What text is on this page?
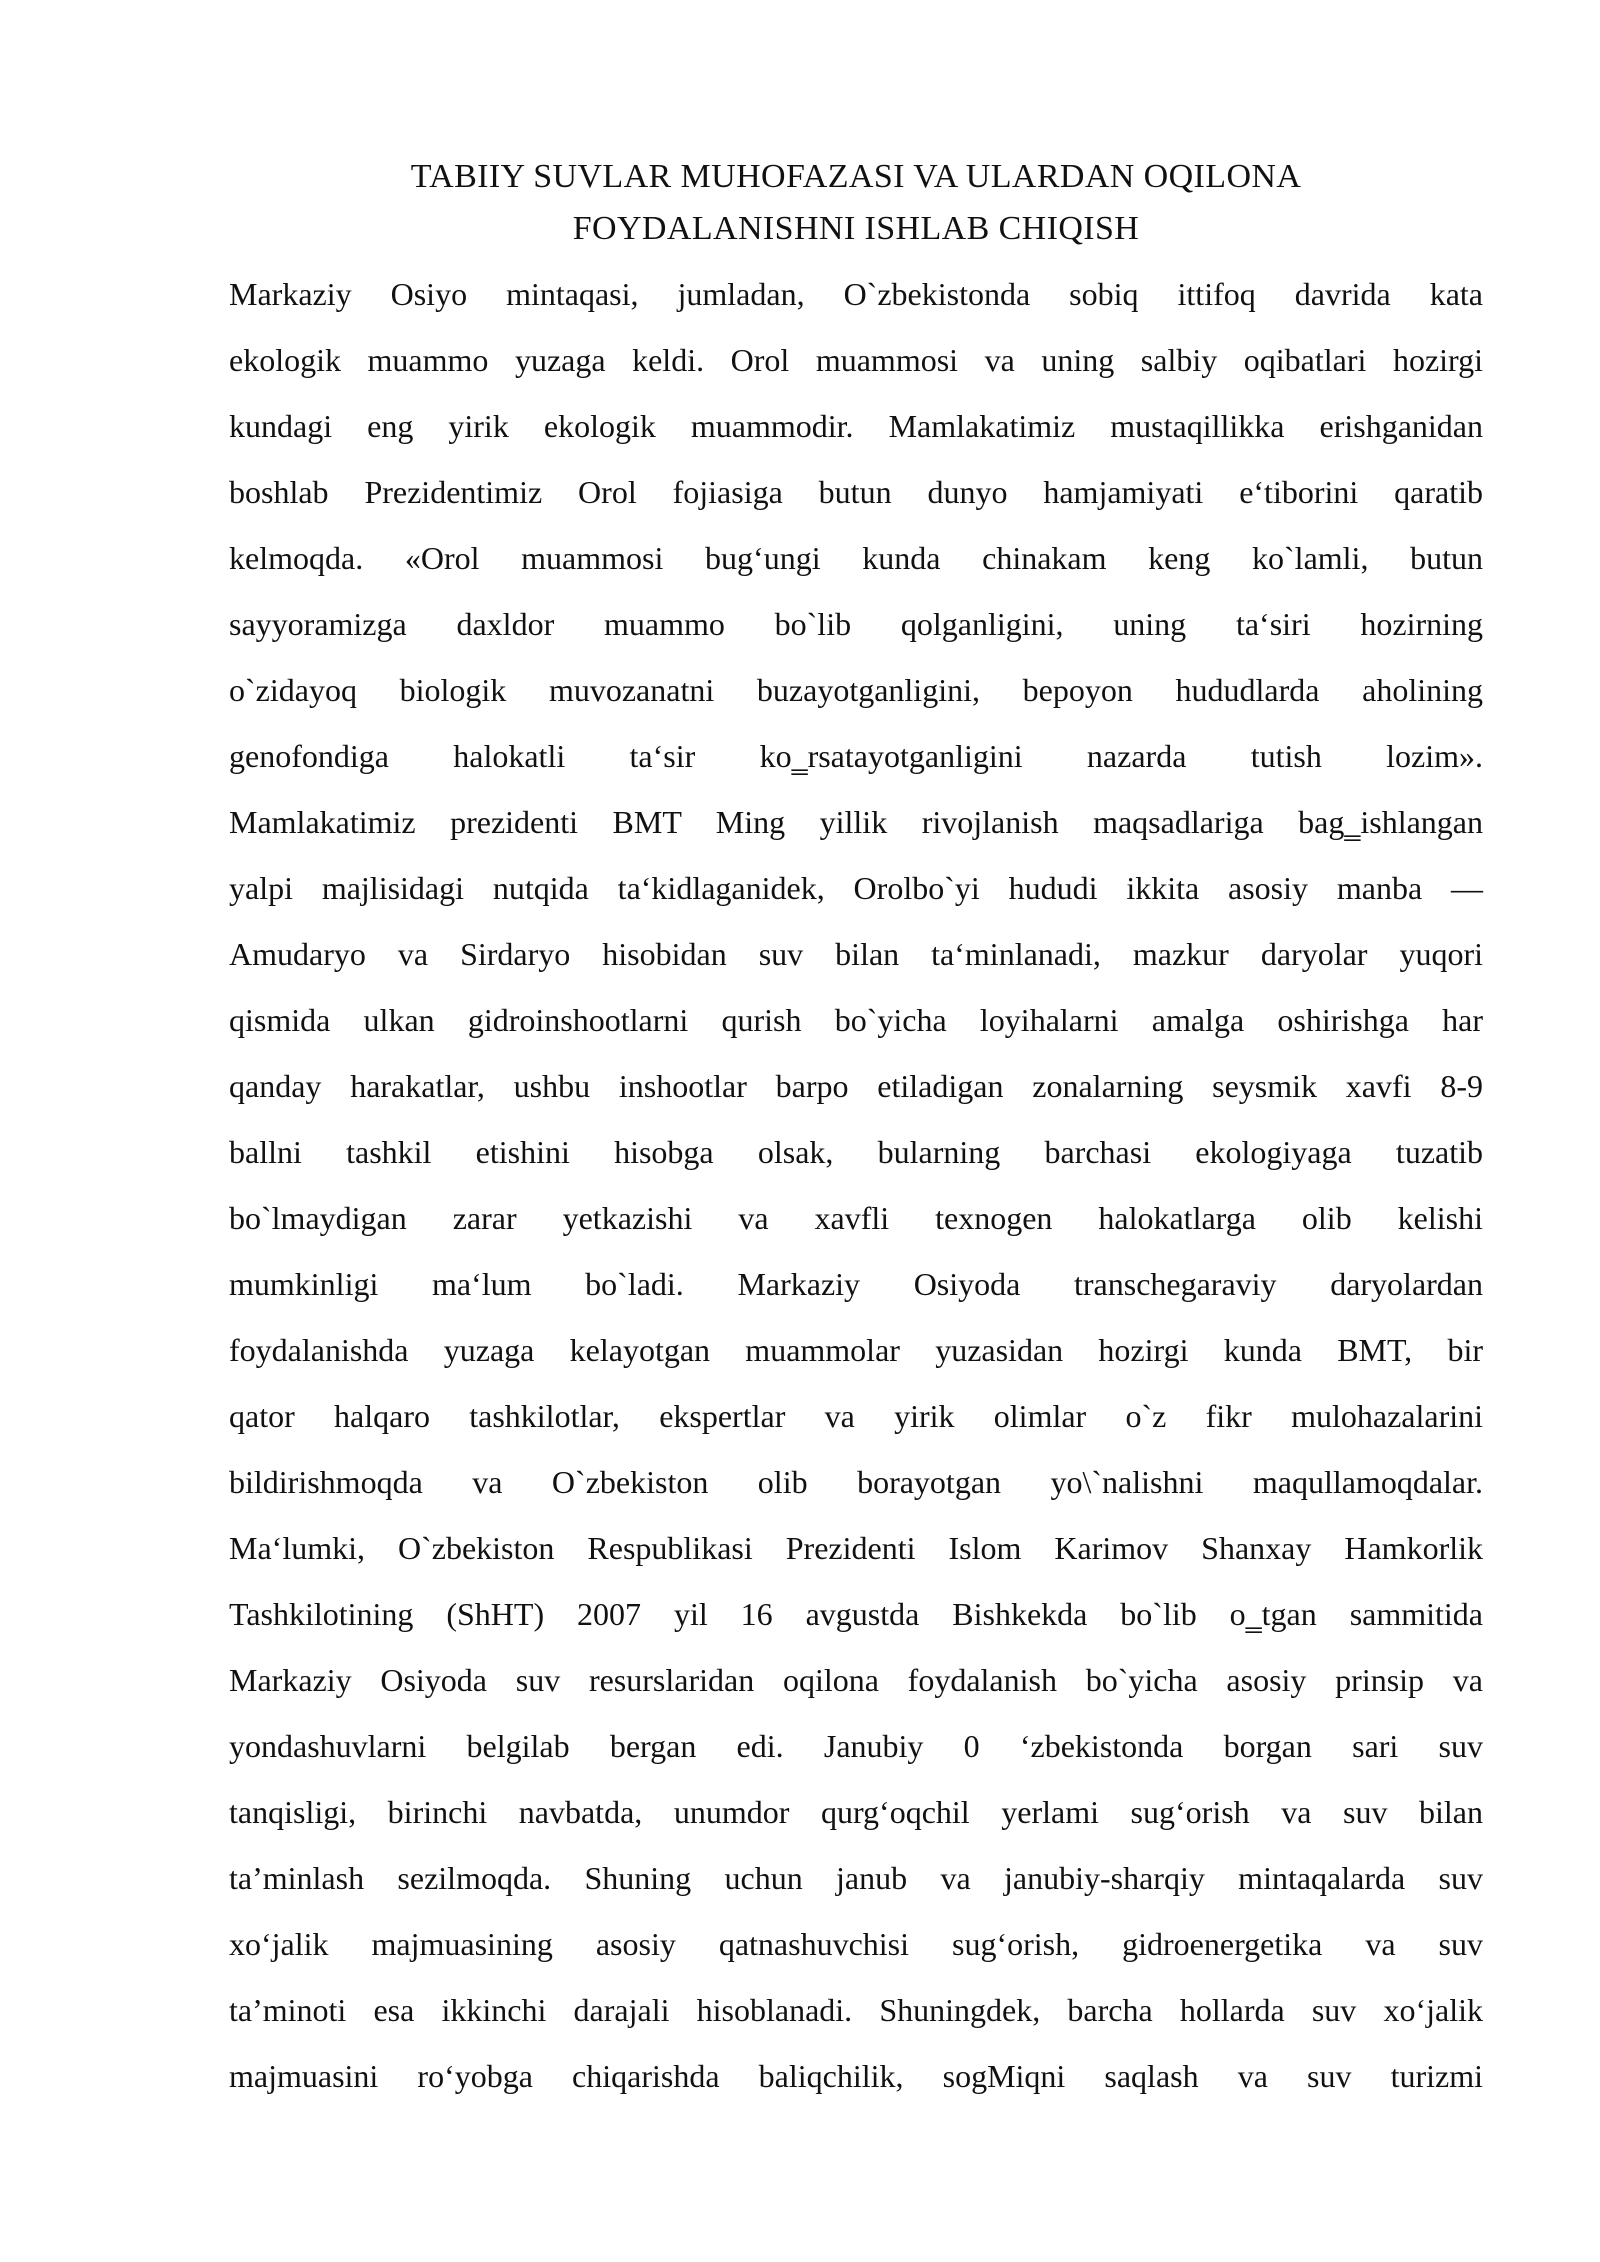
TABIIY SUVLAR MUHOFAZASI VA ULARDAN OQILONA
FOYDALANISHNI ISHLAB CHIQISH
Markaziy Osiyo mintaqasi, jumladan, O`zbekistonda sobiq ittifoq davrida kata
ekologik muammo yuzaga keldi. Orol muammosi va uning salbiy oqibatlari hozirgi
kundagi eng yirik ekologik muammodir. Mamlakatimiz mustaqillikka erishganidan
boshlab Prezidentimiz Orol fojiasiga butun dunyo hamjamiyati e‘tiborini qaratib
kelmoqda. «Orol muammosi bug‘ungi kunda chinakam keng ko`lamli, butun
sayyoramizga daxldor muammo bo`lib qolganligini, uning ta‘siri hozirning
o`zidayoq biologik muvozanatni buzayotganligini, bepoyon hududlarda aholining
genofondiga halokatli ta‘sir ko‗rsatayotganligini nazarda tutish lozim».
Mamlakatimiz prezidenti BMT Ming yillik rivojlanish maqsadlariga bag‗ishlangan
yalpi majlisidagi nutqida ta‘kidlaganidek, Orolbo`yi hududi ikkita asosiy manba —
Amudaryo va Sirdaryo hisobidan suv bilan ta‘minlanadi, mazkur daryolar yuqori
qismida ulkan gidroinshootlarni qurish bo`yicha loyihalarni amalga oshirishga har
qanday harakatlar, ushbu inshootlar barpo etiladigan zonalarning seysmik xavfi 8-9
ballni tashkil etishini hisobga olsak, bularning barchasi ekologiyaga tuzatib
bo`lmaydigan zarar yetkazishi va xavfli texnogen halokatlarga olib kelishi
mumkinligi ma‘lum bo`ladi. Markaziy Osiyoda transchegaraviy daryolardan
foydalanishda yuzaga kelayotgan muammolar yuzasidan hozirgi kunda BMT, bir
qator halqaro tashkilotlar, ekspertlar va yirik olimlar o`z fikr mulohazalarini
bildirishmoqda va O`zbekiston olib borayotgan yo\`nalishni maqullamoqdalar.
Ma‘lumki, O`zbekiston Respublikasi Prezidenti Islom Karimov Shanxay Hamkorlik
Tashkilotining (ShHT) 2007 yil 16 avgustda Bishkekda bo`lib o‗tgan sammitida
Markaziy Osiyoda suv resurslaridan oqilona foydalanish bo`yicha asosiy prinsip va
yondashuvlarni belgilab bergan edi. Janubiy 0 ‘zbekistonda borgan sari suv
tanqisligi, birinchi navbatda, unumdor qurg‘oqchil yerlami sug‘orish va suv bilan
ta’minlash sezilmoqda. Shuning uchun janub va janubiy-sharqiy mintaqalarda suv
xo‘jalik majmuasining asosiy qatnashuvchisi sug‘orish, gidroenergetika va suv
ta’minoti esa ikkinchi darajali hisoblanadi. Shuningdek, barcha hollarda suv xo‘jalik
majmuasini ro‘yobga chiqarishda baliqchilik, sogMiqni saqlash va suv turizmi
